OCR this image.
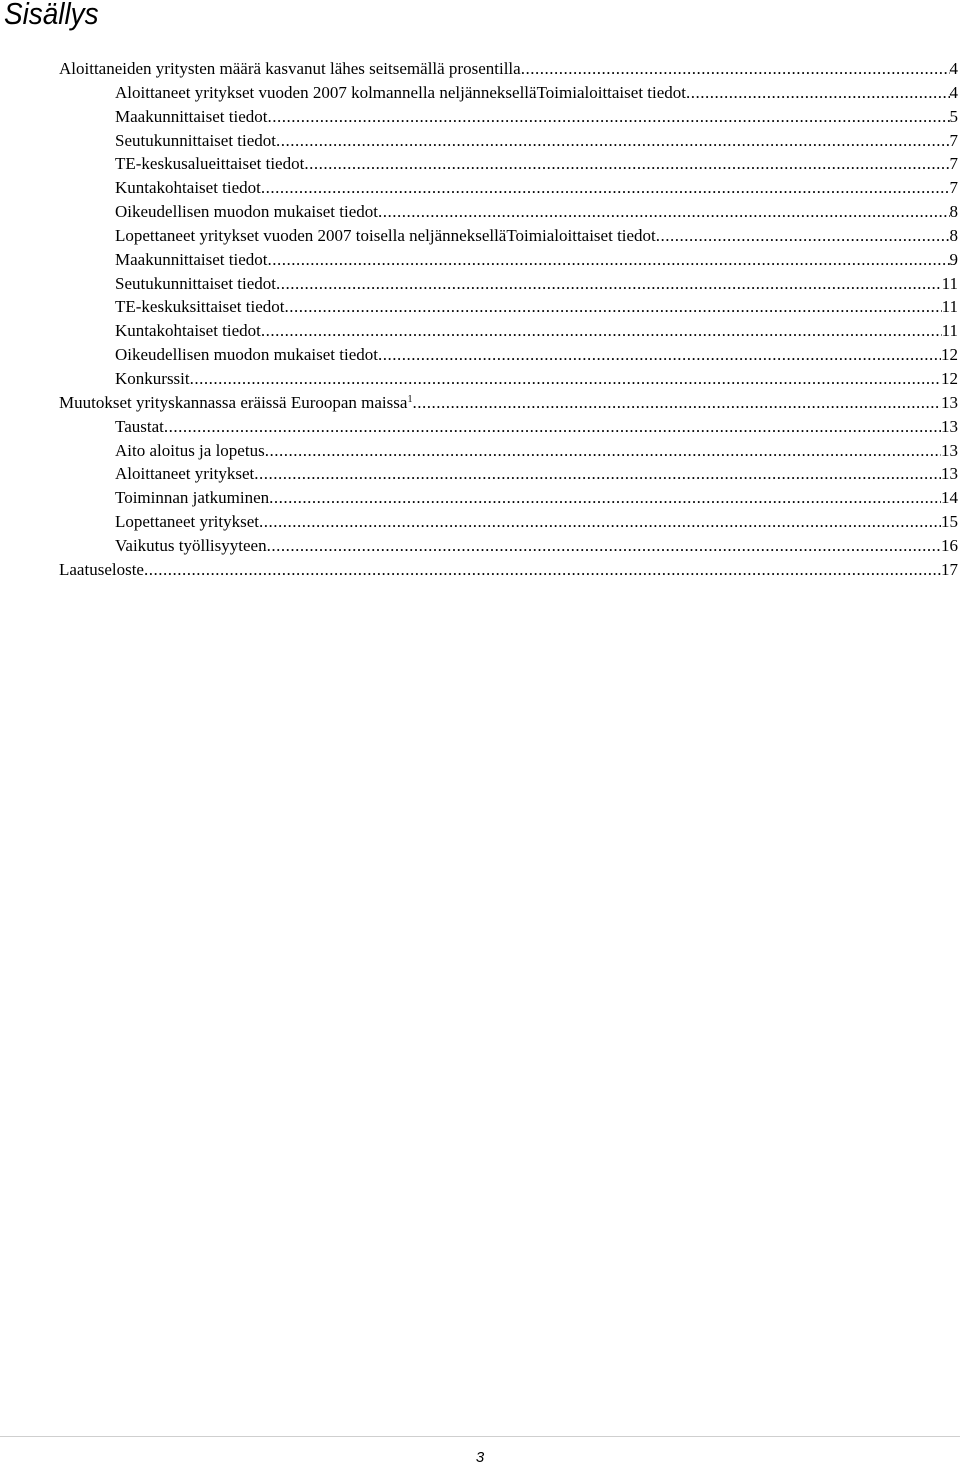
Sisällys
Aloittaneiden yritysten määrä kasvanut lähes seitsemällä prosentilla .....	4
Aloittaneet yritykset vuoden 2007 kolmannella neljännekselläToimialoittaiset tiedot .....	4
Maakunnittaiset tiedot .....	5
Seutukunnittaiset tiedot .....	7
TE-keskusalueittaiset tiedot .....	7
Kuntakohtaiset tiedot .....	7
Oikeudellisen muodon mukaiset tiedot .....	8
Lopettaneet yritykset vuoden 2007 toisella neljännekselläToimialoittaiset tiedot .....	8
Maakunnittaiset tiedot .....	9
Seutukunnittaiset tiedot .....	11
TE-keskuksittaiset tiedot .....	11
Kuntakohtaiset tiedot .....	11
Oikeudellisen muodon mukaiset tiedot .....	12
Konkurssit .....	12
Muutokset yrityskannassa eräissä Euroopan maissa$^1$ .....	13
Taustat .....	13
Aito aloitus ja lopetus .....	13
Aloittaneet yritykset .....	13
Toiminnan jatkuminen .....	14
Lopettaneet yritykset .....	15
Vaikutus työllisyyteen .....	16
Laatuseloste .....	17
3
